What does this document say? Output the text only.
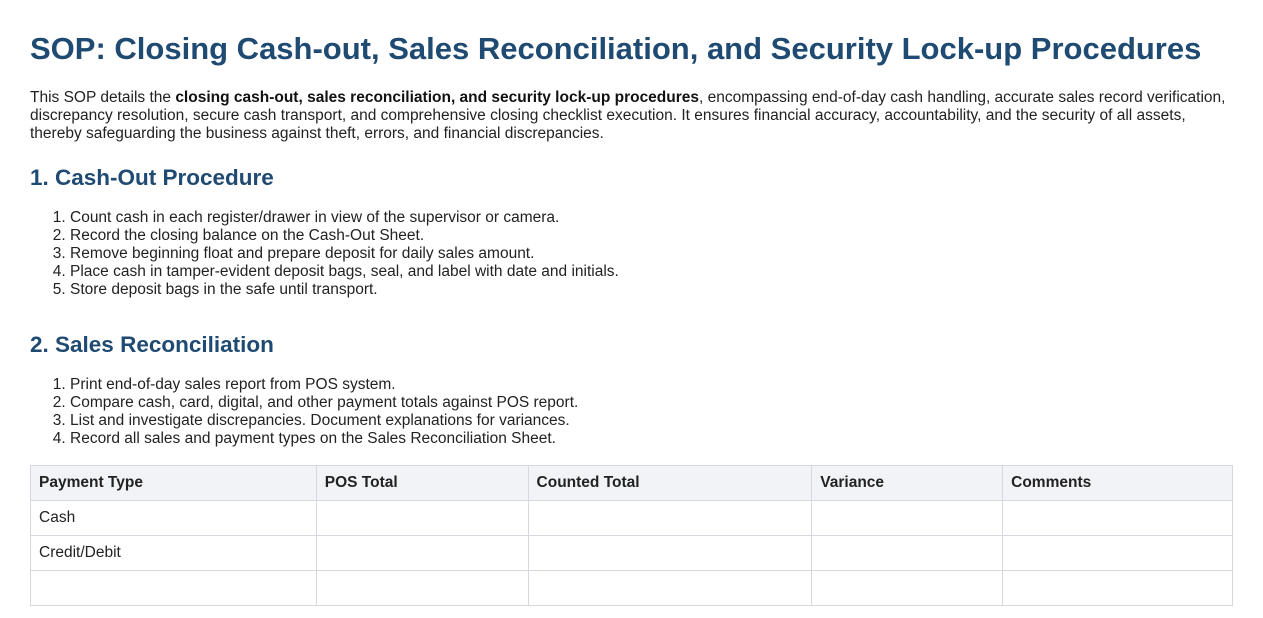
SOP: Closing Cash-out, Sales Reconciliation, and Security Lock-up Procedures

This SOP details the closing cash-out, sales reconciliation, and security lock-up procedures, encompassing end-of-day cash handling, accurate sales record verification, discrepancy resolution, secure cash transport, and comprehensive closing checklist execution. It ensures financial accuracy, accountability, and the security of all assets, thereby safeguarding the business against theft, errors, and financial discrepancies.

1. Cash-Out Procedure
1. Count cash in each register/drawer in view of the supervisor or camera.
2. Record the closing balance on the Cash-Out Sheet.
3. Remove beginning float and prepare deposit for daily sales amount.
4. Place cash in tamper-evident deposit bags, seal, and label with date and initials.
5. Store deposit bags in the safe until transport.
2. Sales Reconciliation
1. Print end-of-day sales report from POS system.
2. Compare cash, card, digital, and other payment totals against POS report.
3. List and investigate discrepancies. Document explanations for variances.
4. Record all sales and payment types on the Sales Reconciliation Sheet.
Payment Type	POS Total	Counted Total	Variance	Comments
Cash				
Credit/Debit				
